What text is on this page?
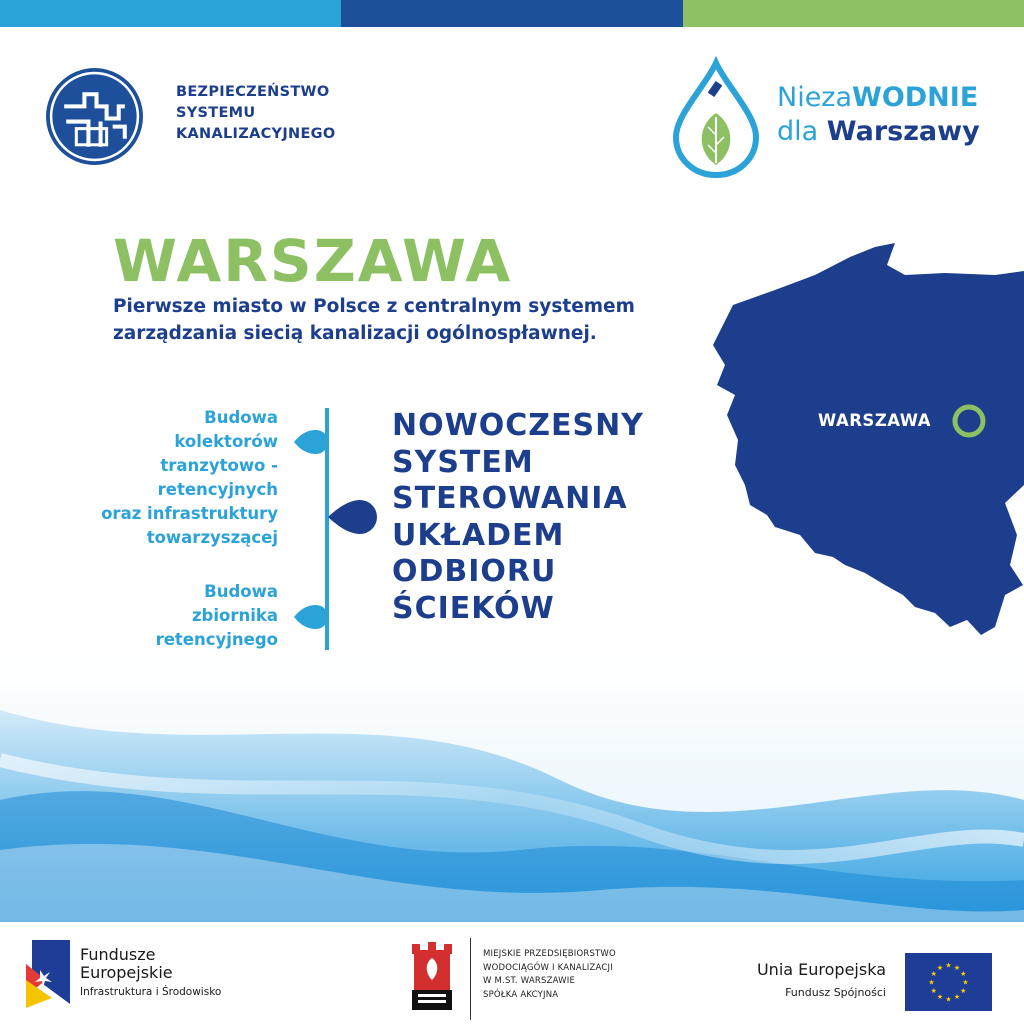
BEZPIECZEŃSTWO
SYSTEMU
KANALIZACYJNEGO
NiezaWODNIE
dla Warszawy
WARSZAWA
Pierwsze miasto w Polsce z centralnym systemem
zarządzania siecią kanalizacji ogólnospławnej.
Budowa
kolektorów
tranzytowo -
retencyjnych
oraz infrastruktury
towarzyszącej
Budowa
zbiornika
retencyjnego
NOWOCZESNY
SYSTEM
STEROWANIA
UKŁADEM
ODBIORU
ŚCIEKÓW
WARSZAWA
Fundusze
Europejskie
Infrastruktura i Środowisko
MIEJSKIE PRZEDSIĘBIORSTWO
WODOCIĄGÓW I KANALIZACJI
W M.ST. WARSZAWIE
SPÓŁKA AKCYJNA
Unia Europejska
Fundusz Spójności
★ ★
★
★
★
★
★
★
★
★
★
★
